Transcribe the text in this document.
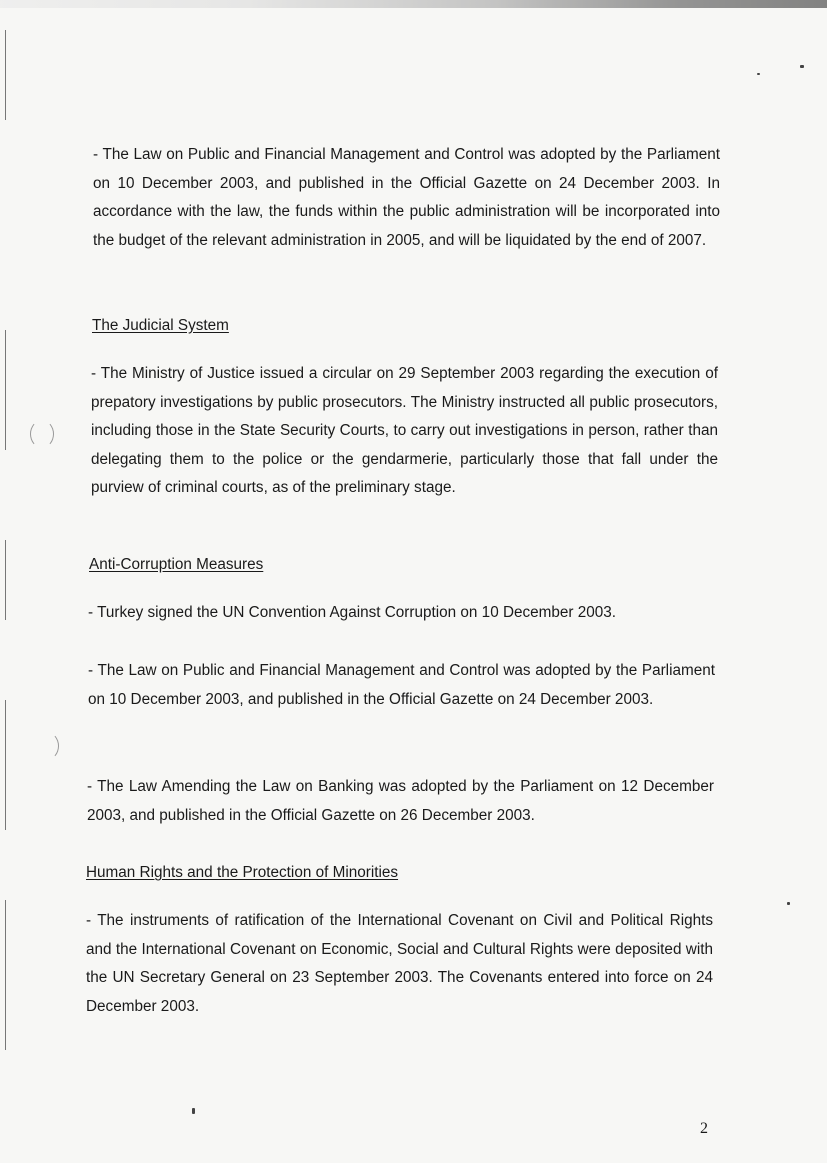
- The Law on Public and Financial Management and Control was adopted by the Parliament on 10 December 2003, and published in the Official Gazette on 24 December 2003. In accordance with the law, the funds within the public administration will be incorporated into the budget of the relevant administration in 2005, and will be liquidated by the end of 2007.

The Judicial System

- The Ministry of Justice issued a circular on 29 September 2003 regarding the execution of prepatory investigations by public prosecutors. The Ministry instructed all public prosecutors, including those in the State Security Courts, to carry out investigations in person, rather than delegating them to the police or the gendarmerie, particularly those that fall under the purview of criminal courts, as of the preliminary stage.

Anti-Corruption Measures

- Turkey signed the UN Convention Against Corruption on 10 December 2003.

- The Law on Public and Financial Management and Control was adopted by the Parliament on 10 December 2003, and published in the Official Gazette on 24 December 2003.

- The Law Amending the Law on Banking was adopted by the Parliament on 12 December 2003, and published in the Official Gazette on 26 December 2003.

Human Rights and the Protection of Minorities

- The instruments of ratification of the International Covenant on Civil and Political Rights and the International Covenant on Economic, Social and Cultural Rights were deposited with the UN Secretary General on 23 September 2003. The Covenants entered into force on 24 December 2003.

2
